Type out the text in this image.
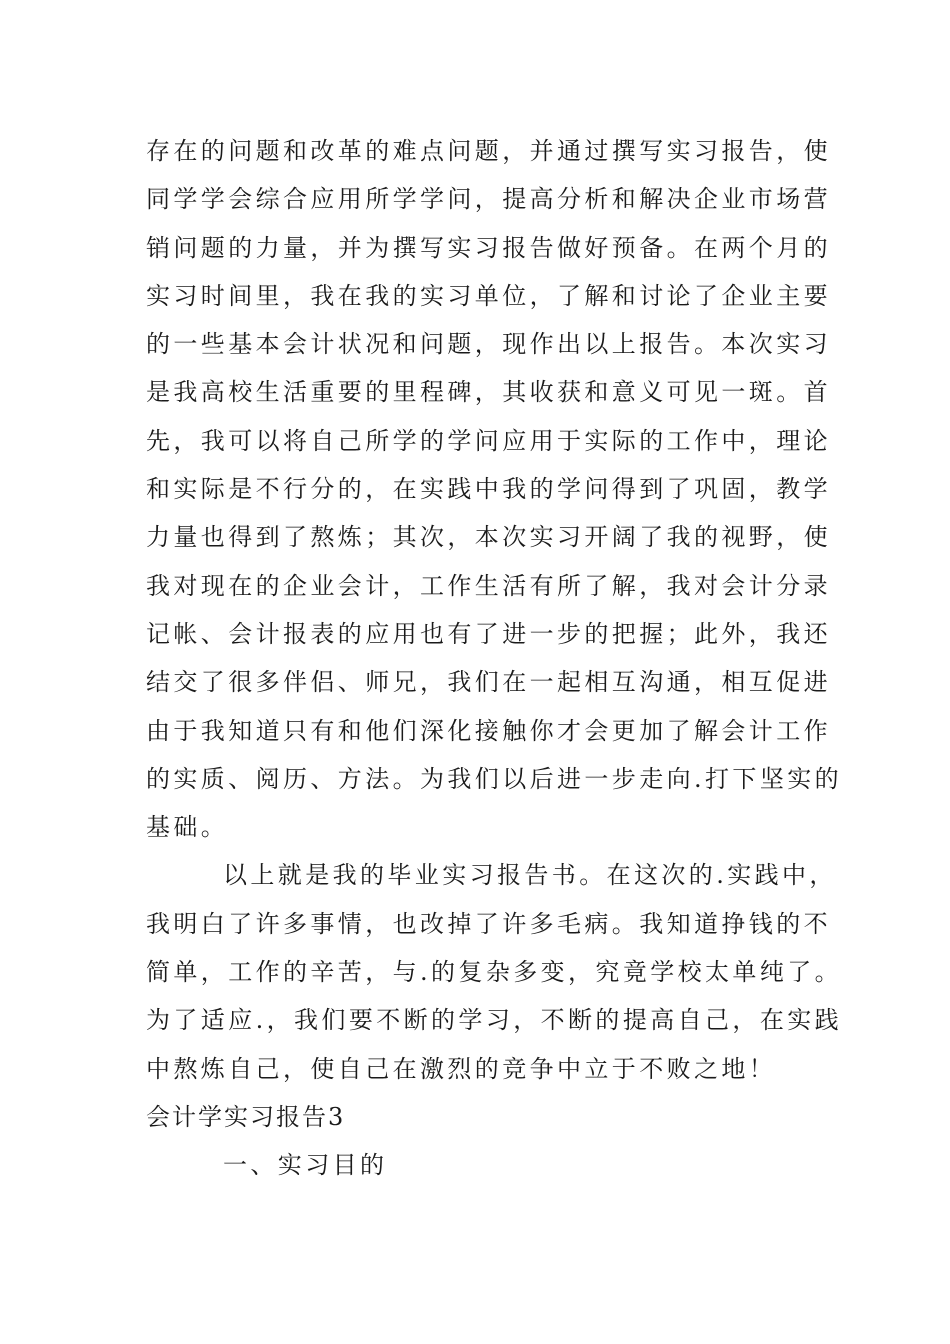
存在的问题和改革的难点问题，并通过撰写实习报告，使
同学学会综合应用所学学问，提高分析和解决企业市场营
销问题的力量，并为撰写实习报告做好预备。在两个月的
实习时间里，我在我的实习单位，了解和讨论了企业主要
的一些基本会计状况和问题，现作出以上报告。本次实习
是我高校生活重要的里程碑，其收获和意义可见一斑。首
先，我可以将自己所学的学问应用于实际的工作中，理论
和实际是不行分的，在实践中我的学问得到了巩固，教学
力量也得到了熬炼；其次，本次实习开阔了我的视野，使
我对现在的企业会计，工作生活有所了解，我对会计分录
记帐、会计报表的应用也有了进一步的把握；此外，我还
结交了很多伴侣、师兄，我们在一起相互沟通，相互促进
由于我知道只有和他们深化接触你才会更加了解会计工作
的实质、阅历、方法。为我们以后进一步走向.打下坚实的
基础。
以上就是我的毕业实习报告书。在这次的.实践中，
我明白了许多事情，也改掉了许多毛病。我知道挣钱的不
简单，工作的辛苦，与.的复杂多变，究竟学校太单纯了。
为了适应.，我们要不断的学习，不断的提高自己，在实践
中熬炼自己，使自己在激烈的竞争中立于不败之地！
会计学实习报告3
一、实习目的
